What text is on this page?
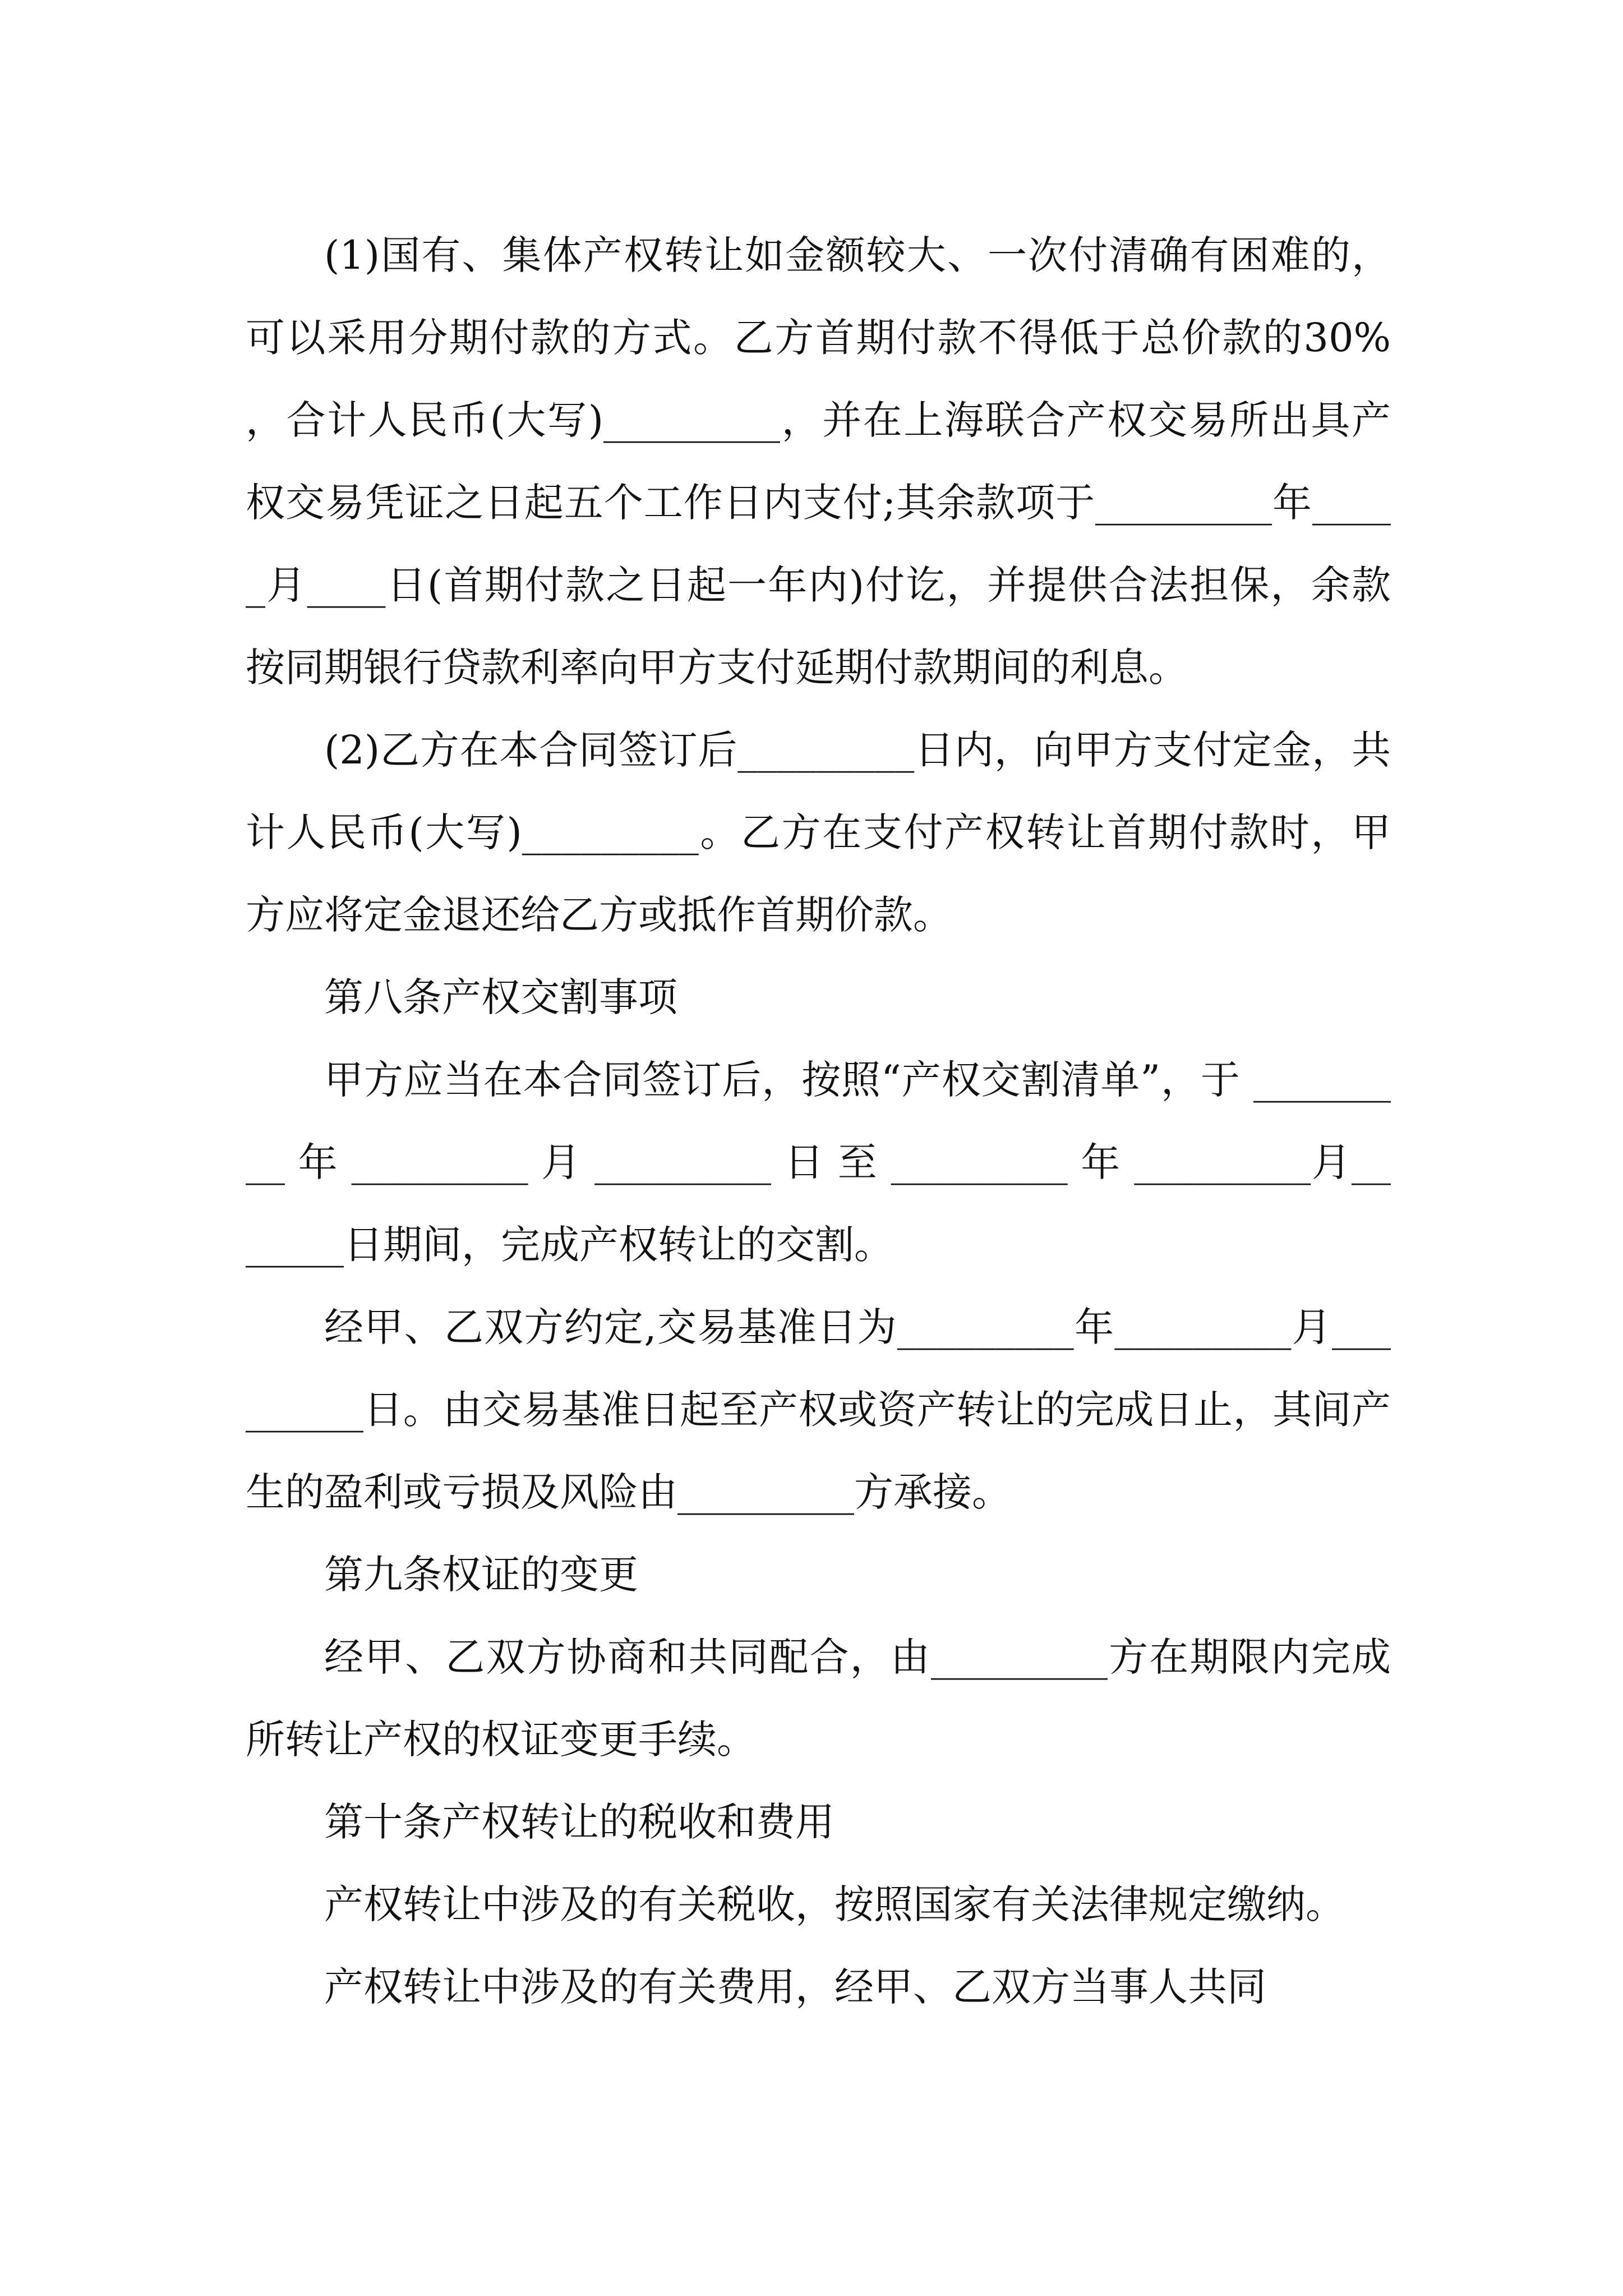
(1)国有、集体产权转让如金额较大、一次付清确有困难的，可以采用分期付款的方式。乙方首期付款不得低于总价款的30%，合计人民币(大写)_________，并在上海联合产权交易所出具产权交易凭证之日起五个工作日内支付;其余款项于_________年_____月____日(首期付款之日起一年内)付讫，并提供合法担保，余款按同期银行贷款利率向甲方支付延期付款期间的利息。

(2)乙方在本合同签订后_________日内，向甲方支付定金，共计人民币(大写)_________。乙方在支付产权转让首期付款时，甲方应将定金退还给乙方或抵作首期价款。

第八条产权交割事项

甲方应当在本合同签订后，按照“产权交割清单”，于 _________ 年 _________ 月 _________ 日 至 _________ 年 _________月_______日期间，完成产权转让的交割。

经甲、乙双方约定,交易基准日为_________年_________月_________日。由交易基准日起至产权或资产转让的完成日止，其间产生的盈利或亏损及风险由_________方承接。

第九条权证的变更

经甲、乙双方协商和共同配合，由_________方在期限内完成所转让产权的权证变更手续。

第十条产权转让的税收和费用

产权转让中涉及的有关税收，按照国家有关法律规定缴纳。

产权转让中涉及的有关费用，经甲、乙双方当事人共同
